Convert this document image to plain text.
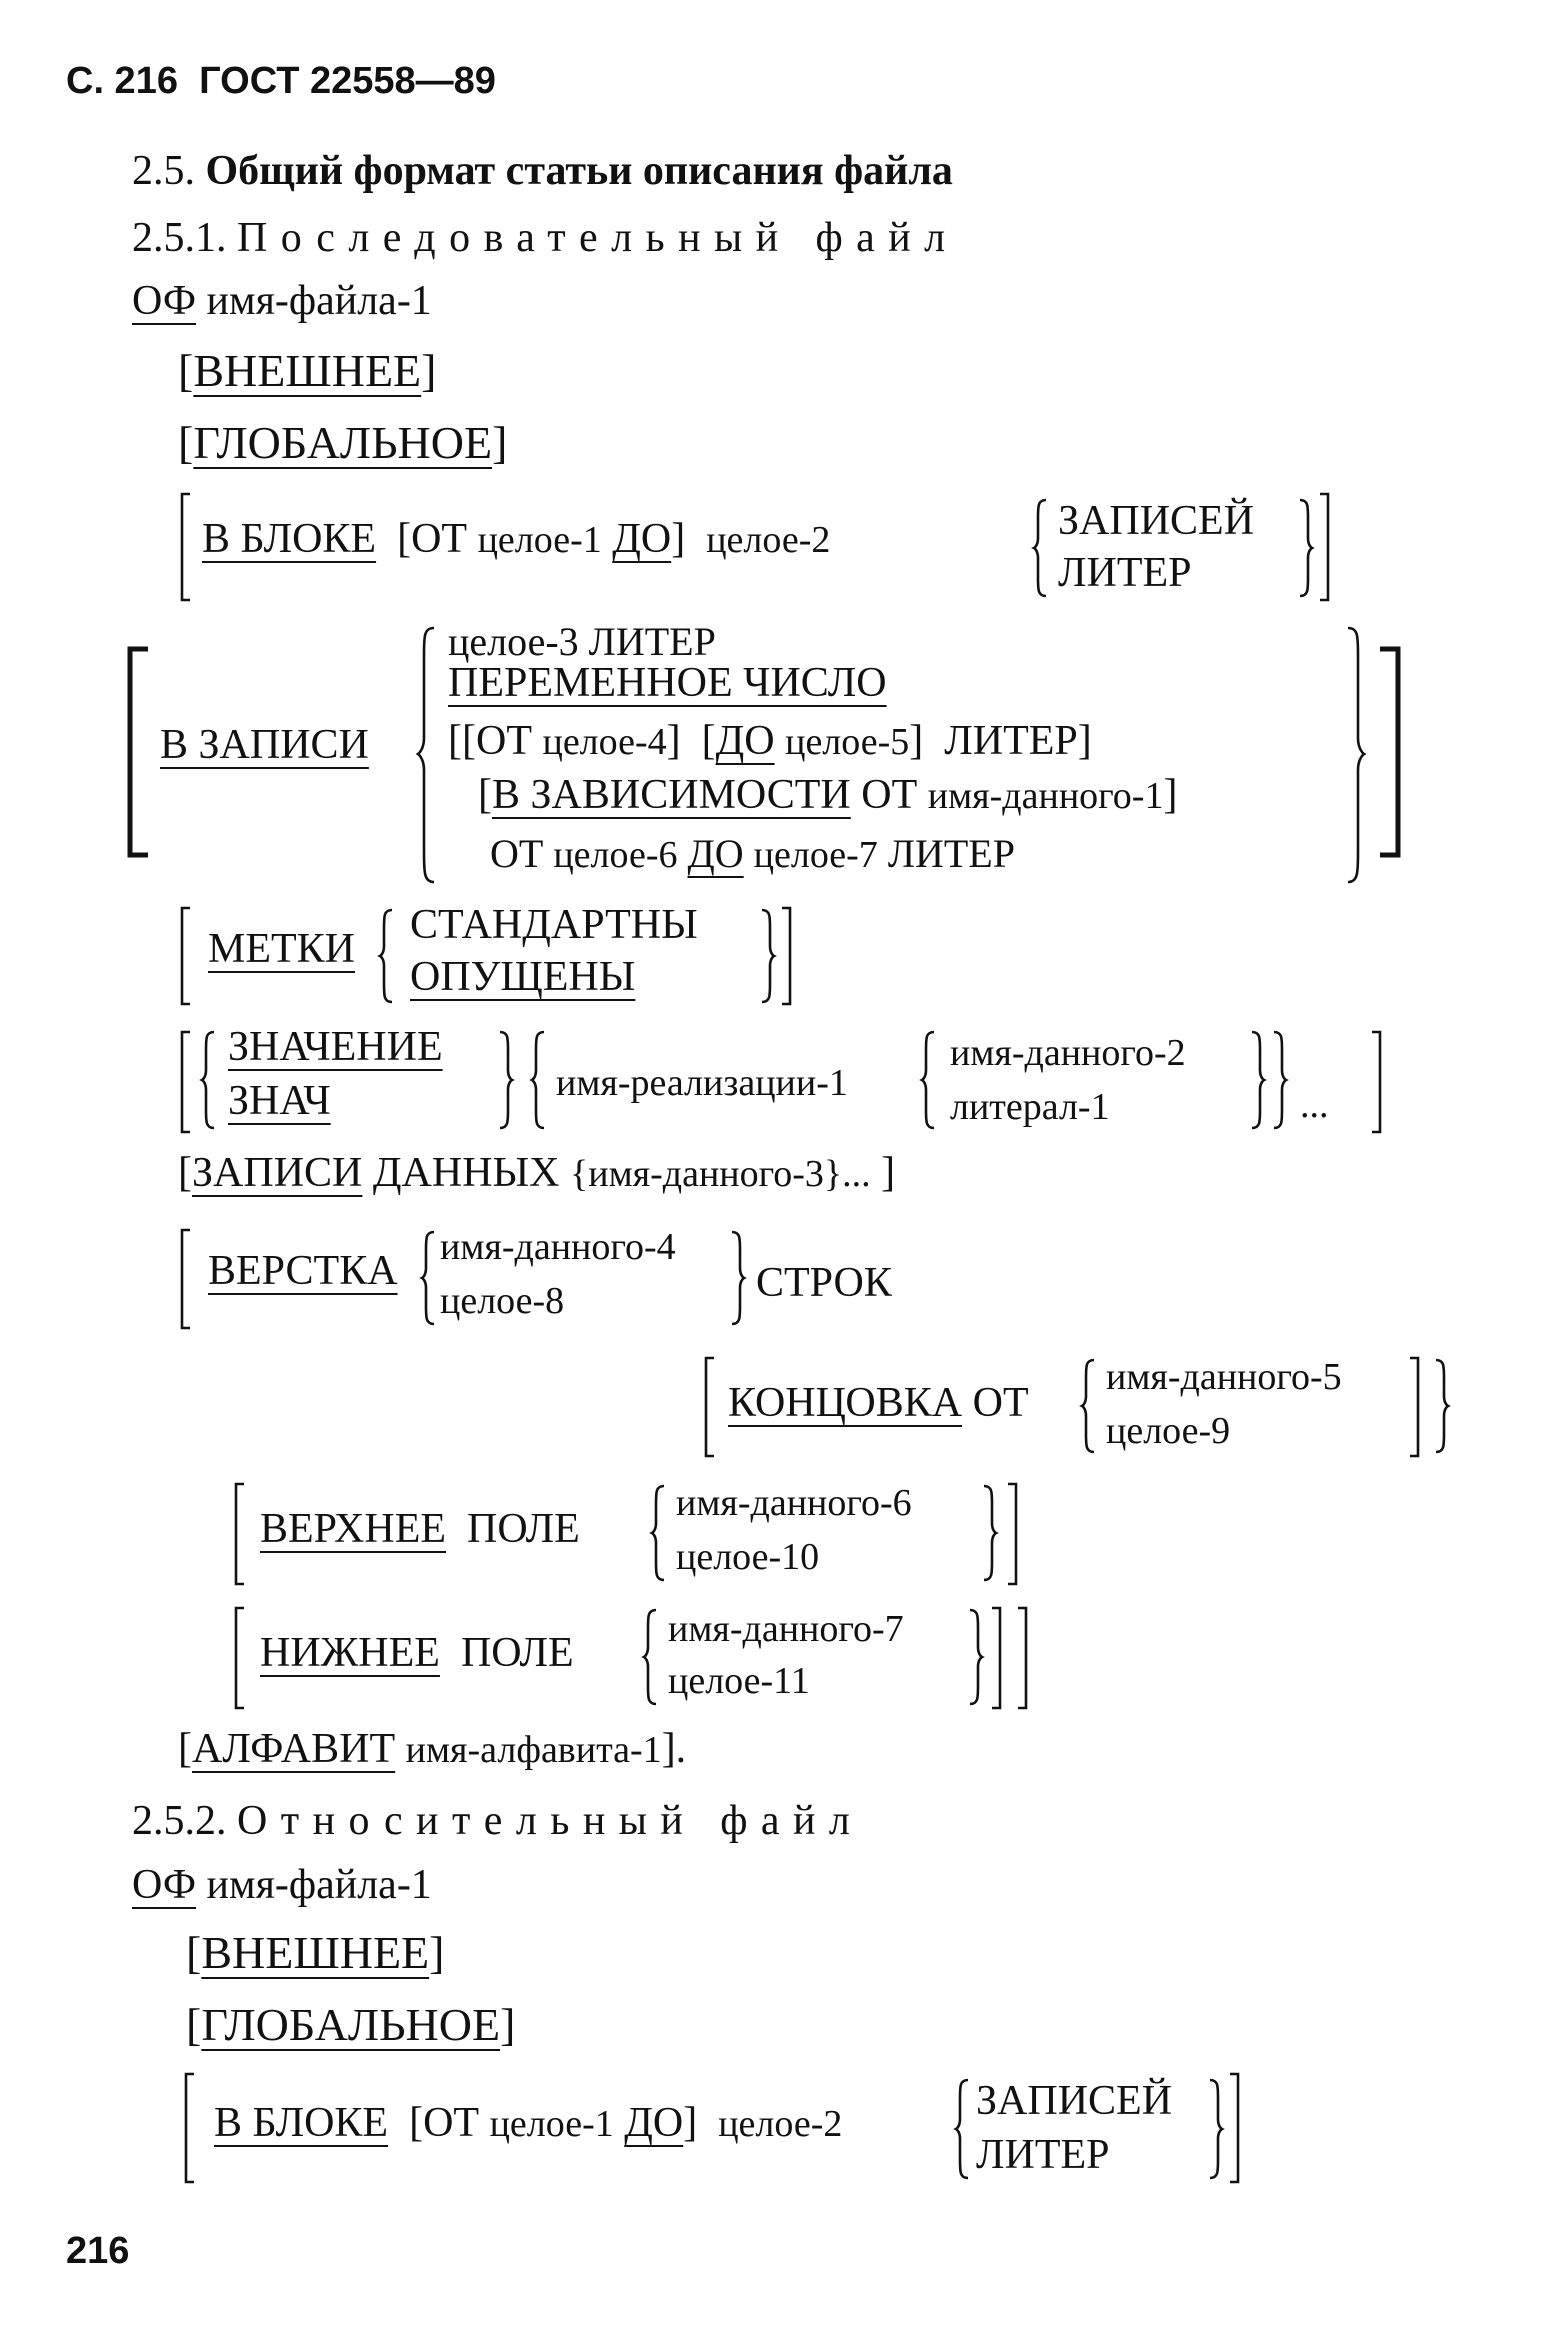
С. 216 ГОСТ 22558—89
2.5. Общий формат статьи описания файла
2.5.1. Последовательный файл
ОФ имя-файла-1
[ВНЕШНЕЕ]
[ГЛОБАЛЬНОЕ]
В БЛОКЕ  [ОТ целое-1 ДО]  целое-2	ЗАПИСЕЙ
ЛИТЕР
В ЗАПИСИ
целое-3 ЛИТЕР
ПЕРЕМЕННОЕ ЧИСЛО
[[ОТ целое-4]  [ДО целое-5]  ЛИТЕР]
[В ЗАВИСИМОСТИ ОТ имя-данного-1]
ОТ целое-6 ДО целое-7 ЛИТЕР
МЕТКИ
СТАНДАРТНЫ
ОПУЩЕНЫ
ЗНАЧЕНИЕ
ЗНАЧ	имя-реализации-1
имя-данного-2
литерал-1	...
[ЗАПИСИ ДАННЫХ {имя-данного-3}... ]
ВЕРСТКА
имя-данного-4
целое-8	СТРОК
КОНЦОВКА ОТ
имя-данного-5
целое-9
ВЕРХНЕЕ ПОЛЕ
имя-данного-6
целое-10
НИЖНЕЕ ПОЛЕ
имя-данного-7
целое-11
[АЛФАВИТ имя-алфавита-1].
2.5.2. Относительный файл
ОФ имя-файла-1
[ВНЕШНЕЕ]
[ГЛОБАЛЬНОЕ]
В БЛОКЕ  [ОТ целое-1 ДО]  целое-2	ЗАПИСЕЙ
ЛИТЕР
216
